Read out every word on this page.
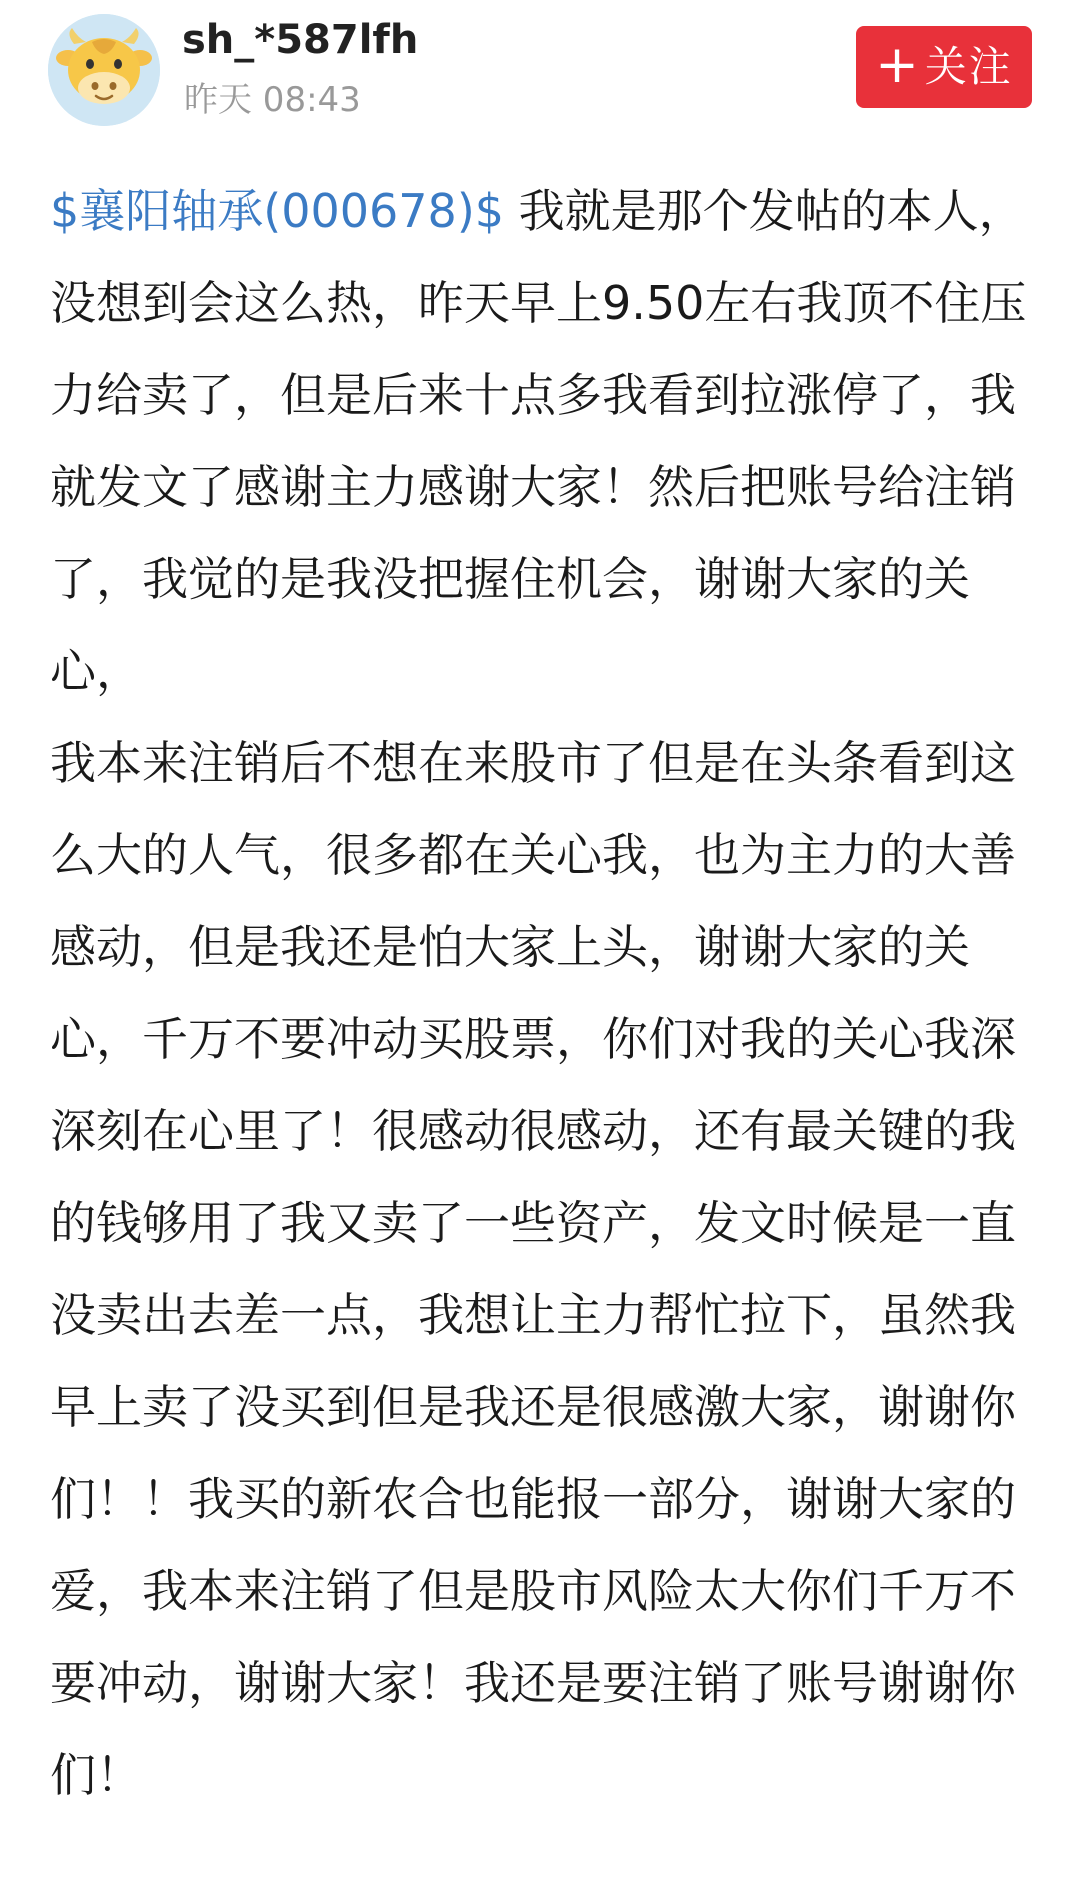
sh_*587lfh
昨天 08:43
+ 关注
$襄阳轴承(000678)$ 我就是那个发帖的本人，没想到会这么热，昨天早上9.50左右我顶不住压力给卖了，但是后来十点多我看到拉涨停了，我就发文了感谢主力感谢大家！然后把账号给注销了，我觉的是我没把握住机会，谢谢大家的关心，
我本来注销后不想在来股市了但是在头条看到这么大的人气，很多都在关心我，也为主力的大善感动，但是我还是怕大家上头，谢谢大家的关心，千万不要冲动买股票，你们对我的关心我深深刻在心里了！很感动很感动，还有最关键的我的钱够用了我又卖了一些资产，发文时候是一直没卖出去差一点，我想让主力帮忙拉下，虽然我早上卖了没买到但是我还是很感激大家，谢谢你们！！我买的新农合也能报一部分，谢谢大家的爱，我本来注销了但是股市风险太大你们千万不要冲动，谢谢大家！我还是要注销了账号谢谢你们！
